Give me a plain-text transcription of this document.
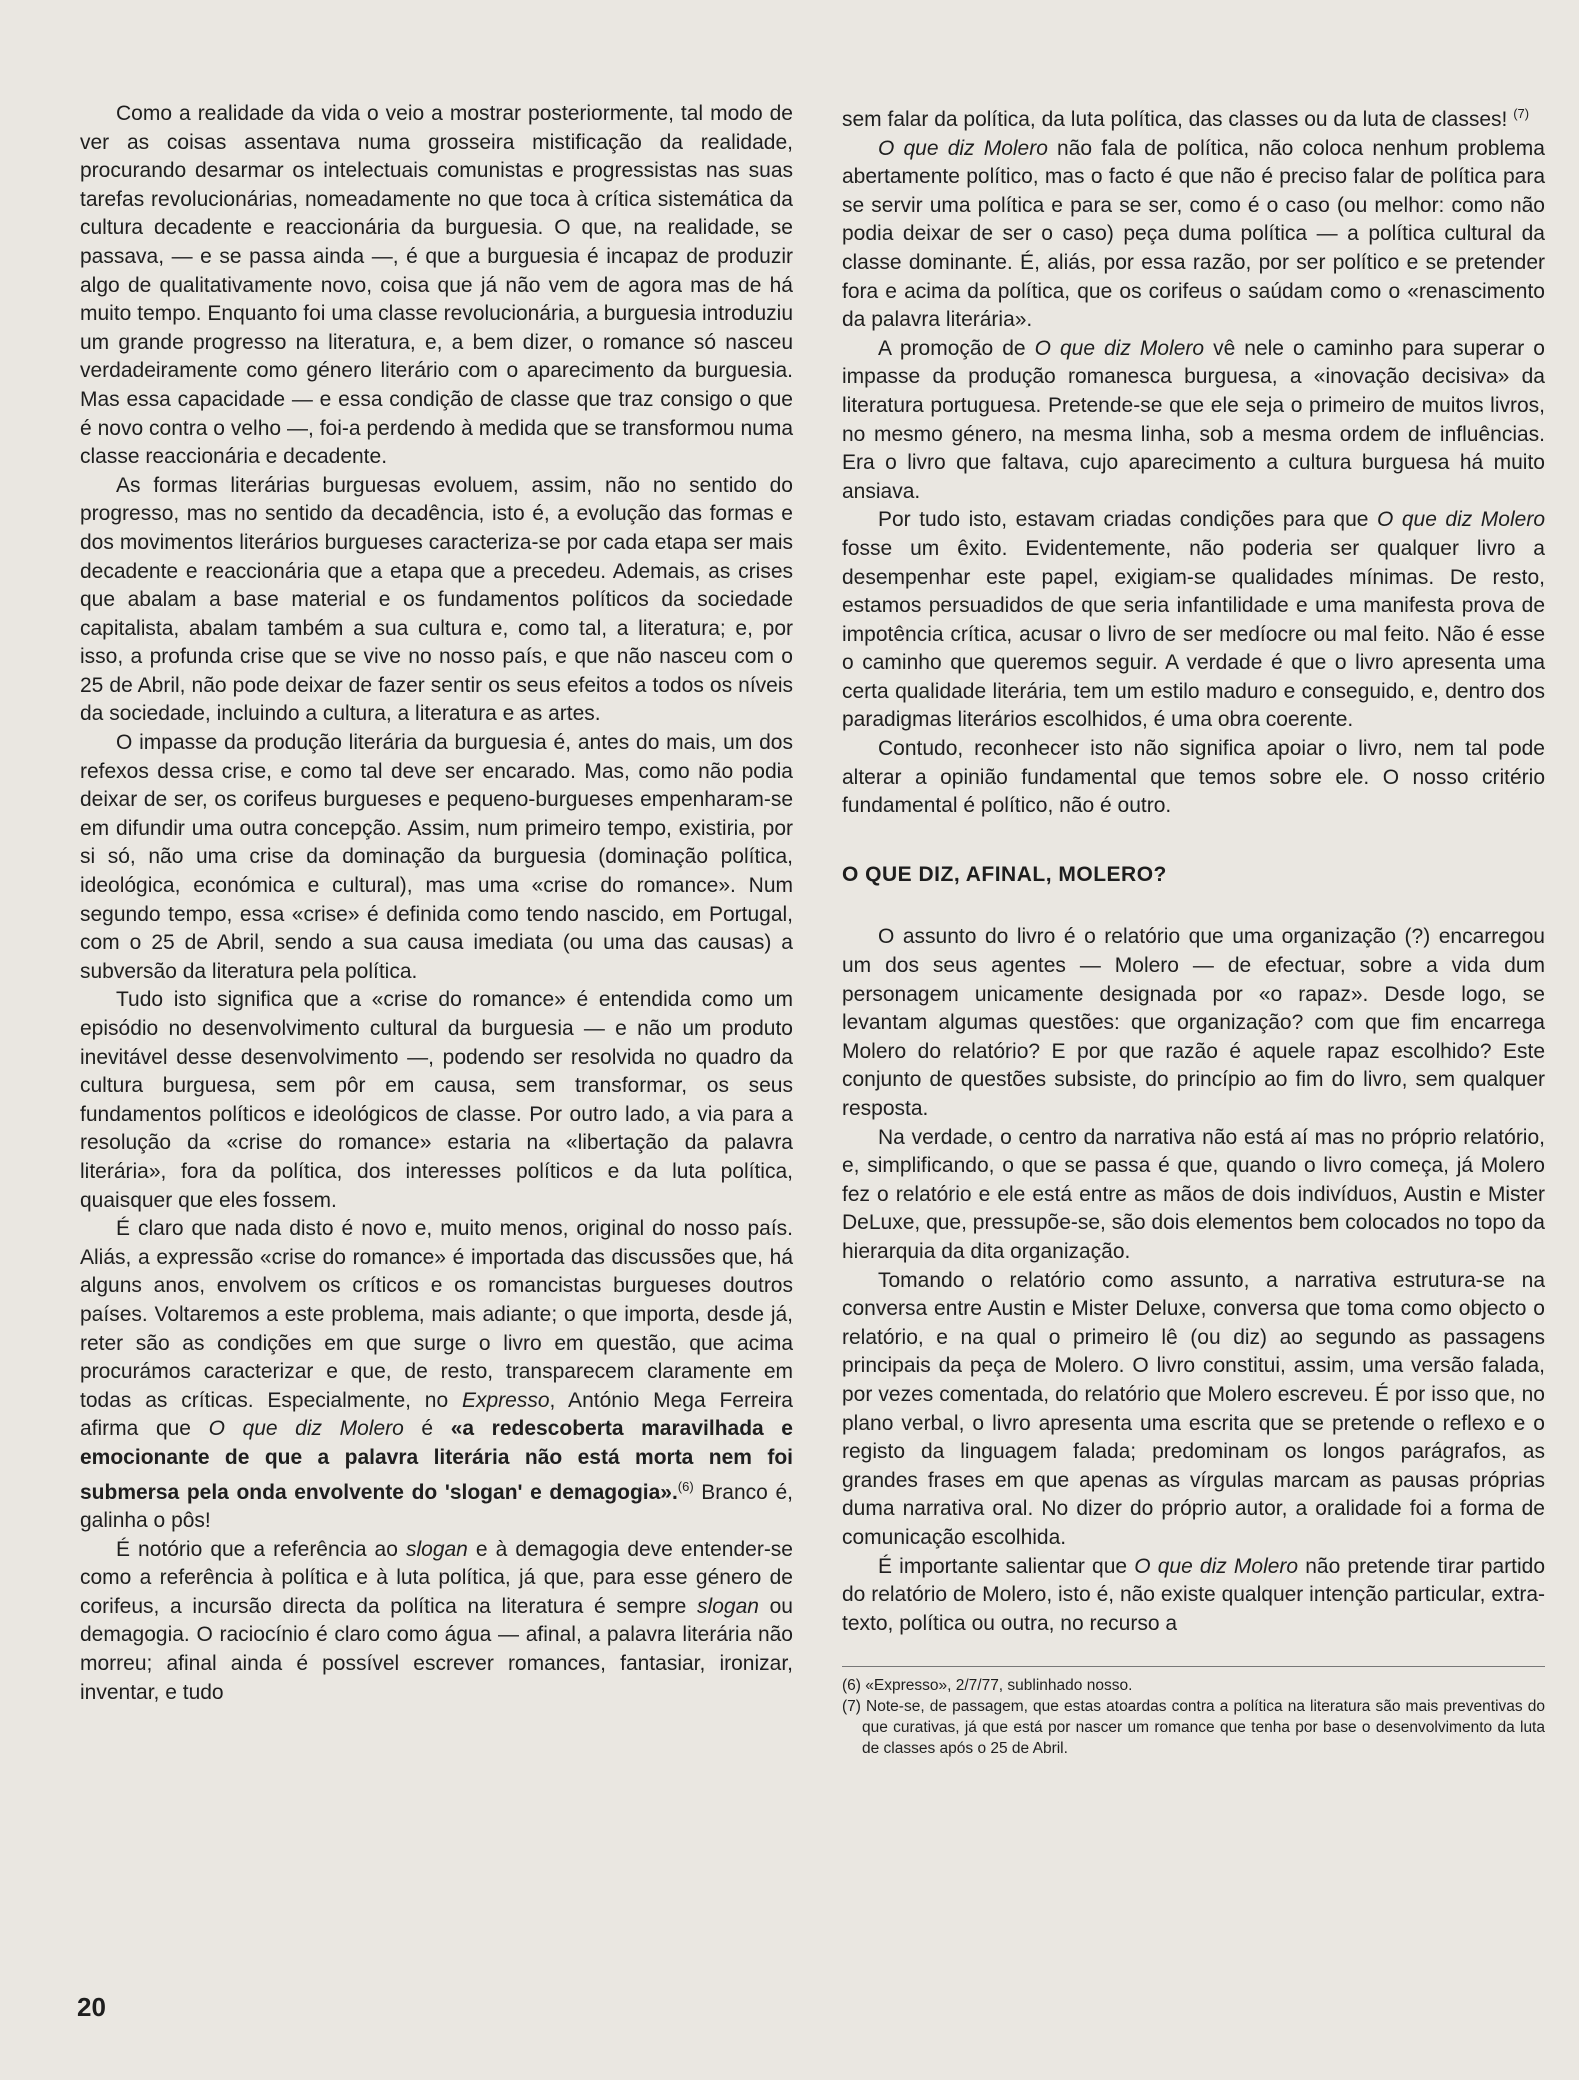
Como a realidade da vida o veio a mostrar posteriormente, tal modo de ver as coisas assentava numa grosseira mistificação da realidade, procurando desarmar os intelectuais comunistas e progressistas nas suas tarefas revolucionárias, nomeadamente no que toca à crítica sistemática da cultura decadente e reaccionária da burguesia. O que, na realidade, se passava, — e se passa ainda —, é que a burguesia é incapaz de produzir algo de qualitativamente novo, coisa que já não vem de agora mas de há muito tempo. Enquanto foi uma classe revolucionária, a burguesia introduziu um grande progresso na literatura, e, a bem dizer, o romance só nasceu verdadeiramente como género literário com o aparecimento da burguesia. Mas essa capacidade — e essa condição de classe que traz consigo o que é novo contra o velho —, foi-a perdendo à medida que se transformou numa classe reaccionária e decadente.

As formas literárias burguesas evoluem, assim, não no sentido do progresso, mas no sentido da decadência, isto é, a evolução das formas e dos movimentos literários burgueses caracteriza-se por cada etapa ser mais decadente e reaccionária que a etapa que a precedeu. Ademais, as crises que abalam a base material e os fundamentos políticos da sociedade capitalista, abalam também a sua cultura e, como tal, a literatura; e, por isso, a profunda crise que se vive no nosso país, e que não nasceu com o 25 de Abril, não pode deixar de fazer sentir os seus efeitos a todos os níveis da sociedade, incluindo a cultura, a literatura e as artes.

O impasse da produção literária da burguesia é, antes do mais, um dos refexos dessa crise, e como tal deve ser encarado. Mas, como não podia deixar de ser, os corifeus burgueses e pequeno-burgueses empenharam-se em difundir uma outra concepção. Assim, num primeiro tempo, existiria, por si só, não uma crise da dominação da burguesia (dominação política, ideológica, económica e cultural), mas uma «crise do romance». Num segundo tempo, essa «crise» é definida como tendo nascido, em Portugal, com o 25 de Abril, sendo a sua causa imediata (ou uma das causas) a subversão da literatura pela política.

Tudo isto significa que a «crise do romance» é entendida como um episódio no desenvolvimento cultural da burguesia — e não um produto inevitável desse desenvolvimento —, podendo ser resolvida no quadro da cultura burguesa, sem pôr em causa, sem transformar, os seus fundamentos políticos e ideológicos de classe. Por outro lado, a via para a resolução da «crise do romance» estaria na «libertação da palavra literária», fora da política, dos interesses políticos e da luta política, quaisquer que eles fossem.

É claro que nada disto é novo e, muito menos, original do nosso país. Aliás, a expressão «crise do romance» é importada das discussões que, há alguns anos, envolvem os críticos e os romancistas burgueses doutros países. Voltaremos a este problema, mais adiante; o que importa, desde já, reter são as condições em que surge o livro em questão, que acima procurámos caracterizar e que, de resto, transparecem claramente em todas as críticas. Especialmente, no Expresso, António Mega Ferreira afirma que O que diz Molero é «a redescoberta maravilhada e emocionante de que a palavra literária não está morta nem foi submersa pela onda envolvente do 'slogan' e demagogia».$^{(6)}$ Branco é, galinha o pôs!

É notório que a referência ao slogan e à demagogia deve entender-se como a referência à política e à luta política, já que, para esse género de corifeus, a incursão directa da política na literatura é sempre slogan ou demagogia. O raciocínio é claro como água — afinal, a palavra literária não morreu; afinal ainda é possível escrever romances, fantasiar, ironizar, inventar, e tudo

sem falar da política, da luta política, das classes ou da luta de classes! $^{(7)}$

O que diz Molero não fala de política, não coloca nenhum problema abertamente político, mas o facto é que não é preciso falar de política para se servir uma política e para se ser, como é o caso (ou melhor: como não podia deixar de ser o caso) peça duma política — a política cultural da classe dominante. É, aliás, por essa razão, por ser político e se pretender fora e acima da política, que os corifeus o saúdam como o «renascimento da palavra literária».

A promoção de O que diz Molero vê nele o caminho para superar o impasse da produção romanesca burguesa, a «inovação decisiva» da literatura portuguesa. Pretende-se que ele seja o primeiro de muitos livros, no mesmo género, na mesma linha, sob a mesma ordem de influências. Era o livro que faltava, cujo aparecimento a cultura burguesa há muito ansiava.

Por tudo isto, estavam criadas condições para que O que diz Molero fosse um êxito. Evidentemente, não poderia ser qualquer livro a desempenhar este papel, exigiam-se qualidades mínimas. De resto, estamos persuadidos de que seria infantilidade e uma manifesta prova de impotência crítica, acusar o livro de ser medíocre ou mal feito. Não é esse o caminho que queremos seguir. A verdade é que o livro apresenta uma certa qualidade literária, tem um estilo maduro e conseguido, e, dentro dos paradigmas literários escolhidos, é uma obra coerente.

Contudo, reconhecer isto não significa apoiar o livro, nem tal pode alterar a opinião fundamental que temos sobre ele. O nosso critério fundamental é político, não é outro.

O QUE DIZ, AFINAL, MOLERO?

O assunto do livro é o relatório que uma organização (?) encarregou um dos seus agentes — Molero — de efectuar, sobre a vida dum personagem unicamente designada por «o rapaz». Desde logo, se levantam algumas questões: que organização? com que fim encarrega Molero do relatório? E por que razão é aquele rapaz escolhido? Este conjunto de questões subsiste, do princípio ao fim do livro, sem qualquer resposta.

Na verdade, o centro da narrativa não está aí mas no próprio relatório, e, simplificando, o que se passa é que, quando o livro começa, já Molero fez o relatório e ele está entre as mãos de dois indivíduos, Austin e Mister DeLuxe, que, pressupõe-se, são dois elementos bem colocados no topo da hierarquia da dita organização.

Tomando o relatório como assunto, a narrativa estrutura-se na conversa entre Austin e Mister Deluxe, conversa que toma como objecto o relatório, e na qual o primeiro lê (ou diz) ao segundo as passagens principais da peça de Molero. O livro constitui, assim, uma versão falada, por vezes comentada, do relatório que Molero escreveu. É por isso que, no plano verbal, o livro apresenta uma escrita que se pretende o reflexo e o registo da linguagem falada; predominam os longos parágrafos, as grandes frases em que apenas as vírgulas marcam as pausas próprias duma narrativa oral. No dizer do próprio autor, a oralidade foi a forma de comunicação escolhida.

É importante salientar que O que diz Molero não pretende tirar partido do relatório de Molero, isto é, não existe qualquer intenção particular, extra-texto, política ou outra, no recurso a

(6) «Expresso», 2/7/77, sublinhado nosso.

(7) Note-se, de passagem, que estas atoardas contra a política na literatura são mais preventivas do que curativas, já que está por nascer um romance que tenha por base o desenvolvimento da luta de classes após o 25 de Abril.

20
